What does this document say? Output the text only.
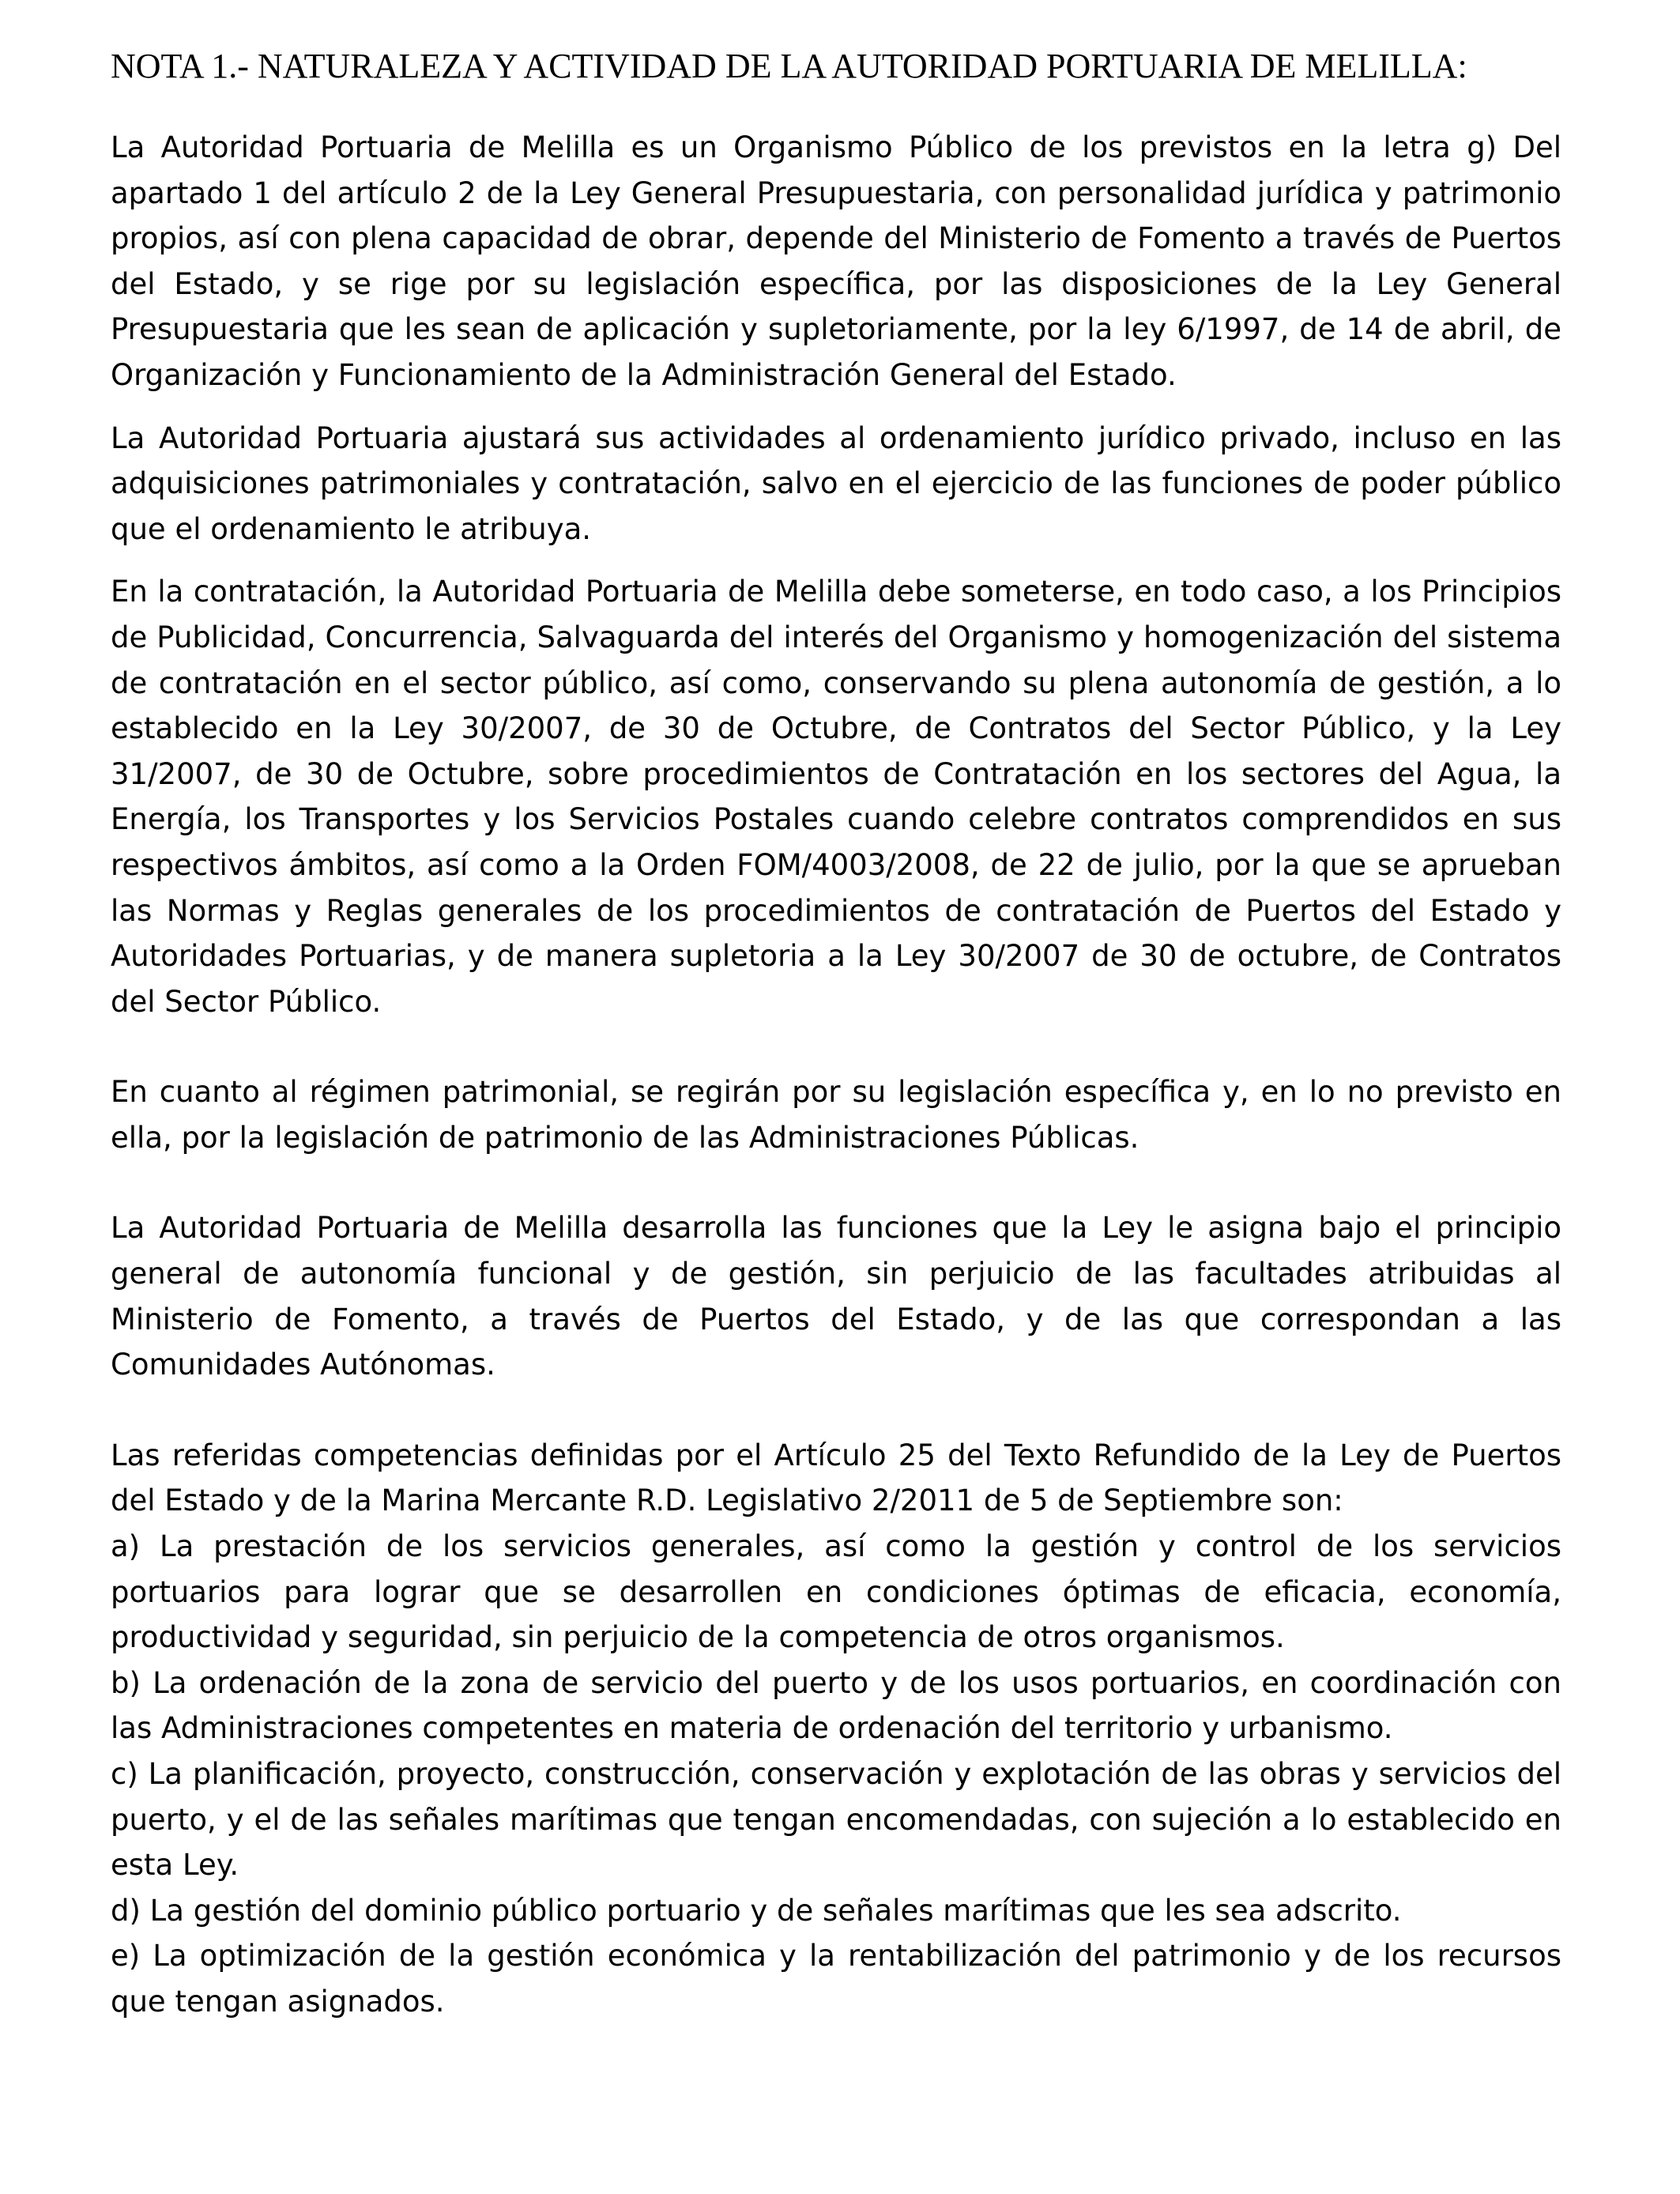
NOTA 1.- NATURALEZA Y ACTIVIDAD DE LA AUTORIDAD PORTUARIA DE MELILLA:

La Autoridad Portuaria de Melilla es un Organismo Público de los previstos en la letra g) Del apartado 1 del artículo 2 de la Ley General Presupuestaria, con personalidad jurídica y patrimonio propios, así con plena capacidad de obrar, depende del Ministerio de Fomento a través de Puertos del Estado, y se rige por su legislación específica, por las disposiciones de la Ley General Presupuestaria que les sean de aplicación y supletoriamente, por la ley 6/1997, de 14 de abril, de Organización y Funcionamiento de la Administración General del Estado.

La Autoridad Portuaria ajustará sus actividades al ordenamiento jurídico privado, incluso en las adquisiciones patrimoniales y contratación, salvo en el ejercicio de las funciones de poder público que el ordenamiento le atribuya.

En la contratación, la Autoridad Portuaria de Melilla debe someterse, en todo caso, a los Principios de Publicidad, Concurrencia, Salvaguarda del interés del Organismo y homogenización del sistema de contratación en el sector público, así como, conservando su plena autonomía de gestión, a lo establecido en la Ley 30/2007, de 30 de Octubre, de Contratos del Sector Público, y la Ley 31/2007, de 30 de Octubre, sobre procedimientos de Contratación en los sectores del Agua, la Energía, los Transportes y los Servicios Postales cuando celebre contratos comprendidos en sus respectivos ámbitos, así como a la Orden FOM/4003/2008, de 22 de julio, por la que se aprueban las Normas y Reglas generales de los procedimientos de contratación de Puertos del Estado y Autoridades Portuarias, y de manera supletoria a la Ley 30/2007 de 30 de octubre, de Contratos del Sector Público.

En cuanto al régimen patrimonial, se regirán por su legislación específica y, en lo no previsto en ella, por la legislación de patrimonio de las Administraciones Públicas.

La Autoridad Portuaria de Melilla desarrolla las funciones que la Ley le asigna bajo el principio general de autonomía funcional y de gestión, sin perjuicio de las facultades atribuidas al Ministerio de Fomento, a través de Puertos del Estado, y de las que correspondan a las Comunidades Autónomas.

Las referidas competencias definidas por el Artículo 25 del Texto Refundido de la Ley de Puertos del Estado y de la Marina Mercante R.D. Legislativo 2/2011 de 5 de Septiembre son:

a) La prestación de los servicios generales, así como la gestión y control de los servicios portuarios para lograr que se desarrollen en condiciones óptimas de eficacia, economía, productividad y seguridad, sin perjuicio de la competencia de otros organismos.

b) La ordenación de la zona de servicio del puerto y de los usos portuarios, en coordinación con las Administraciones competentes en materia de ordenación del territorio y urbanismo.

c) La planificación, proyecto, construcción, conservación y explotación de las obras y servicios del puerto, y el de las señales marítimas que tengan encomendadas, con sujeción a lo establecido en esta Ley.

d) La gestión del dominio público portuario y de señales marítimas que les sea adscrito.

e) La optimización de la gestión económica y la rentabilización del patrimonio y de los recursos que tengan asignados.
